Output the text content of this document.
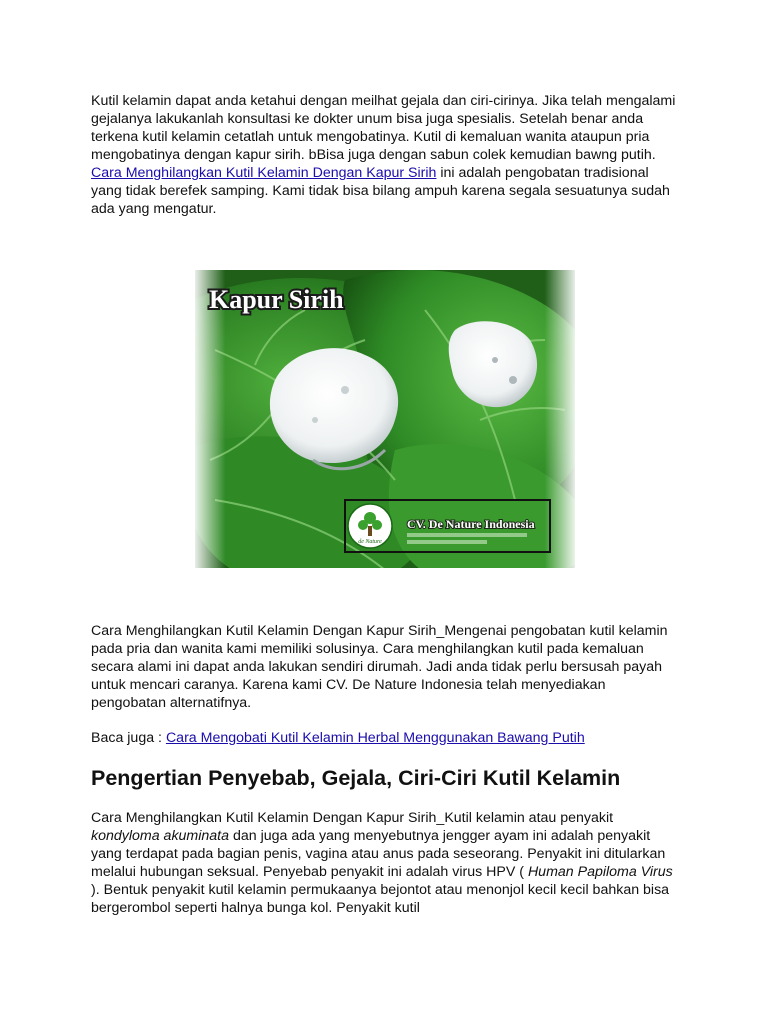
Kutil kelamin dapat anda ketahui dengan meilhat gejala dan ciri-cirinya. Jika telah mengalami gejalanya lakukanlah konsultasi ke dokter unum bisa juga spesialis. Setelah benar anda terkena kutil kelamin cetatlah untuk mengobatinya. Kutil di kemaluan wanita ataupun pria mengobatinya dengan kapur sirih. bBisa juga dengan sabun colek kemudian bawng putih. Cara Menghilangkan Kutil Kelamin Dengan Kapur Sirih ini adalah pengobatan tradisional yang tidak berefek samping. Kami tidak bisa bilang ampuh karena segala sesuatunya sudah ada yang mengatur.

Kapur Sirih
de Nature
CV. De Nature Indonesia

Cara Menghilangkan Kutil Kelamin Dengan Kapur Sirih_Mengenai pengobatan kutil kelamin pada pria dan wanita kami memiliki solusinya. Cara menghilangkan kutil pada kemaluan secara alami ini dapat anda lakukan sendiri dirumah. Jadi anda tidak perlu bersusah payah untuk mencari caranya. Karena kami CV. De Nature Indonesia telah menyediakan pengobatan alternatifnya.

Baca juga : Cara Mengobati Kutil Kelamin Herbal Menggunakan Bawang Putih

Pengertian Penyebab, Gejala, Ciri-Ciri Kutil Kelamin

Cara Menghilangkan Kutil Kelamin Dengan Kapur Sirih_Kutil kelamin atau penyakit kondyloma akuminata dan juga ada yang menyebutnya jengger ayam ini adalah penyakit yang terdapat pada bagian penis, vagina atau anus pada seseorang. Penyakit ini ditularkan melalui hubungan seksual. Penyebab penyakit ini adalah virus HPV ( Human Papiloma Virus ). Bentuk penyakit kutil kelamin permukaanya bejontot atau menonjol kecil kecil bahkan bisa bergerombol seperti halnya bunga kol. Penyakit kutil
